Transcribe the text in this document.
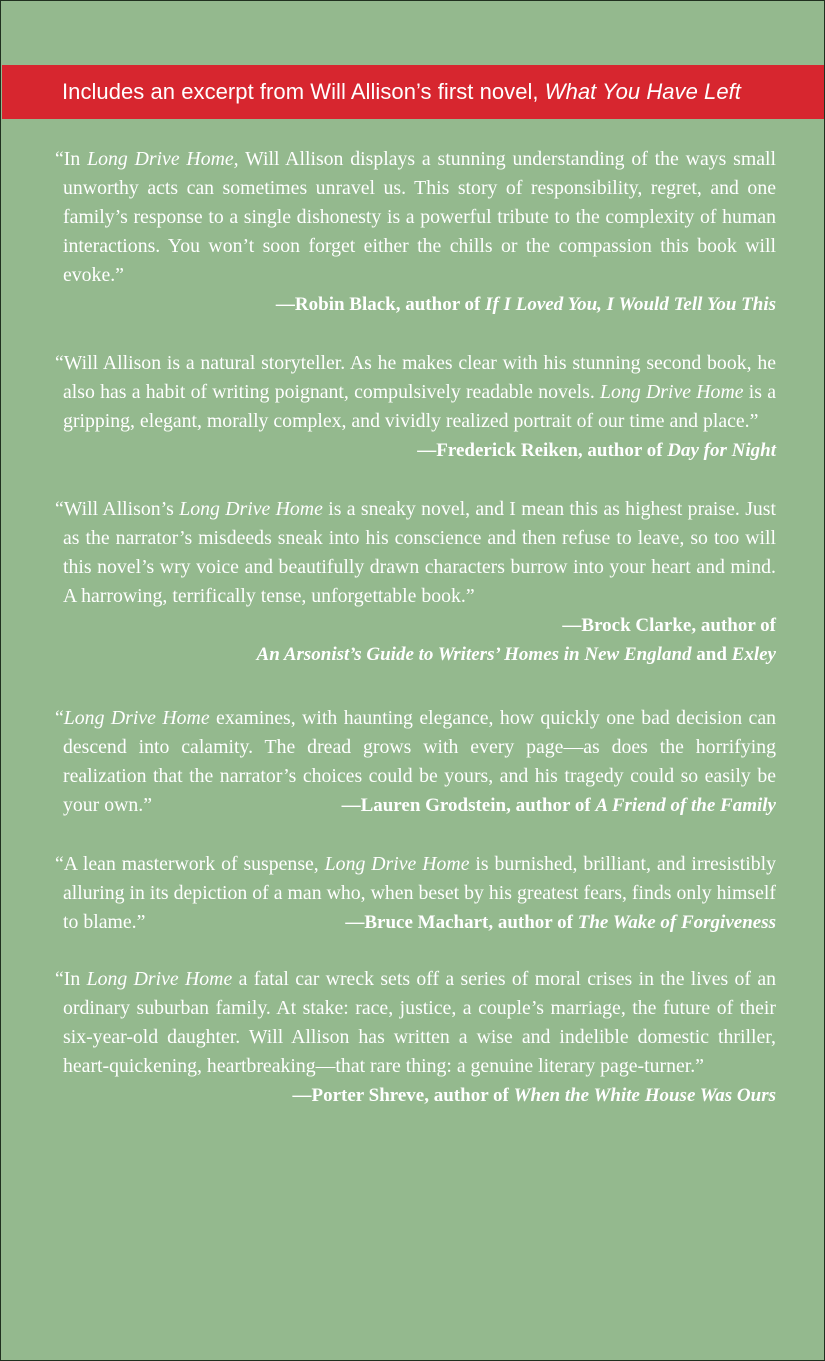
Includes an excerpt from Will Allison’s first novel, What You Have Left
“In Long Drive Home, Will Allison displays a stunning understanding of the ways small unworthy acts can sometimes unravel us. This story of responsibility, regret, and one family’s response to a single dishonesty is a powerful tribute to the complexity of human interactions. You won’t soon forget either the chills or the compassion this book will evoke.”
—Robin Black, author of If I Loved You, I Would Tell You This
“Will Allison is a natural storyteller. As he makes clear with his stunning second book, he also has a habit of writing poignant, compulsively readable novels. Long Drive Home is a gripping, elegant, morally complex, and vividly realized portrait of our time and place.”
—Frederick Reiken, author of Day for Night
“Will Allison’s Long Drive Home is a sneaky novel, and I mean this as highest praise. Just as the narrator’s misdeeds sneak into his conscience and then refuse to leave, so too will this novel’s wry voice and beautifully drawn characters burrow into your heart and mind. A harrowing, terrifically tense, unforgettable book.”
—Brock Clarke, author of
An Arsonist’s Guide to Writers’ Homes in New England and Exley
“Long Drive Home examines, with haunting elegance, how quickly one bad decision can descend into calamity. The dread grows with every page—as does the horrifying realization that the narrator’s choices could be yours, and his tragedy could so easily be your own.”	—Lauren Grodstein, author of A Friend of the Family
“A lean masterwork of suspense, Long Drive Home is burnished, brilliant, and irresistibly alluring in its depiction of a man who, when beset by his greatest fears, finds only himself to blame.”	—Bruce Machart, author of The Wake of Forgiveness
“In Long Drive Home a fatal car wreck sets off a series of moral crises in the lives of an ordinary suburban family. At stake: race, justice, a couple’s marriage, the future of their six-year-old daughter. Will Allison has written a wise and indelible domestic thriller, heart-quickening, heartbreaking—that rare thing: a genuine literary page-turner.”
—Porter Shreve, author of When the White House Was Ours
